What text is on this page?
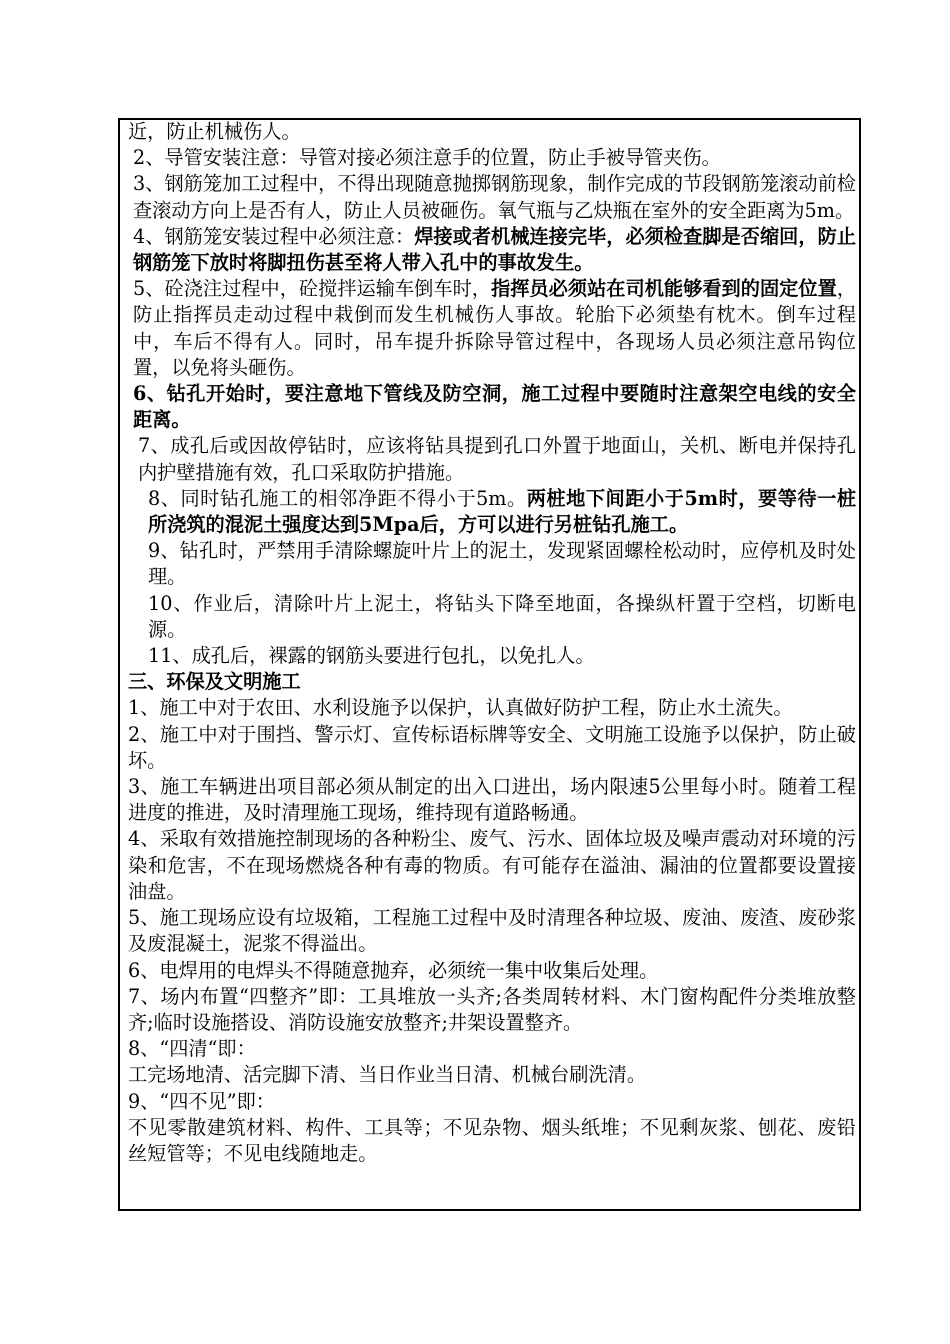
近，防止机械伤人。

2、导管安装注意：导管对接必须注意手的位置，防止手被导管夹伤。

3、钢筋笼加工过程中，不得出现随意抛掷钢筋现象，制作完成的节段钢筋笼滚动前检查滚动方向上是否有人，防止人员被砸伤。氧气瓶与乙炔瓶在室外的安全距离为5m。

4、钢筋笼安装过程中必须注意：焊接或者机械连接完毕，必须检查脚是否缩回，防止钢筋笼下放时将脚扭伤甚至将人带入孔中的事故发生。

5、砼浇注过程中，砼搅拌运输车倒车时，指挥员必须站在司机能够看到的固定位置，防止指挥员走动过程中栽倒而发生机械伤人事故。轮胎下必须垫有枕木。倒车过程中，车后不得有人。同时，吊车提升拆除导管过程中，各现场人员必须注意吊钩位置，以免将头砸伤。

6、钻孔开始时，要注意地下管线及防空洞，施工过程中要随时注意架空电线的安全距离。

7、成孔后或因故停钻时，应该将钻具提到孔口外置于地面山，关机、断电并保持孔内护壁措施有效，孔口采取防护措施。

8、同时钻孔施工的相邻净距不得小于5m。两桩地下间距小于5m时，要等待一桩所浇筑的混泥土强度达到5Mpa后，方可以进行另桩钻孔施工。

9、钻孔时，严禁用手清除螺旋叶片上的泥土，发现紧固螺栓松动时，应停机及时处理。

10、作业后，清除叶片上泥土，将钻头下降至地面，各操纵杆置于空档，切断电源。

11、成孔后，裸露的钢筋头要进行包扎，以免扎人。

三、环保及文明施工

1、施工中对于农田、水利设施予以保护，认真做好防护工程，防止水土流失。

2、施工中对于围挡、警示灯、宣传标语标牌等安全、文明施工设施予以保护，防止破坏。

3、施工车辆进出项目部必须从制定的出入口进出，场内限速5公里每小时。随着工程进度的推进，及时清理施工现场，维持现有道路畅通。

4、采取有效措施控制现场的各种粉尘、废气、污水、固体垃圾及噪声震动对环境的污染和危害，不在现场燃烧各种有毒的物质。有可能存在溢油、漏油的位置都要设置接油盘。

5、施工现场应设有垃圾箱，工程施工过程中及时清理各种垃圾、废油、废渣、废砂浆及废混凝土，泥浆不得溢出。

6、电焊用的电焊头不得随意抛弃，必须统一集中收集后处理。

7、场内布置“四整齐”即：工具堆放一头齐;各类周转材料、木门窗构配件分类堆放整齐;临时设施搭设、消防设施安放整齐;井架设置整齐。

8、“四清“即：

工完场地清、活完脚下清、当日作业当日清、机械台刷洗清。

9、“四不见”即：

不见零散建筑材料、构件、工具等；不见杂物、烟头纸堆；不见剩灰浆、刨花、废铅丝短管等；不见电线随地走。
